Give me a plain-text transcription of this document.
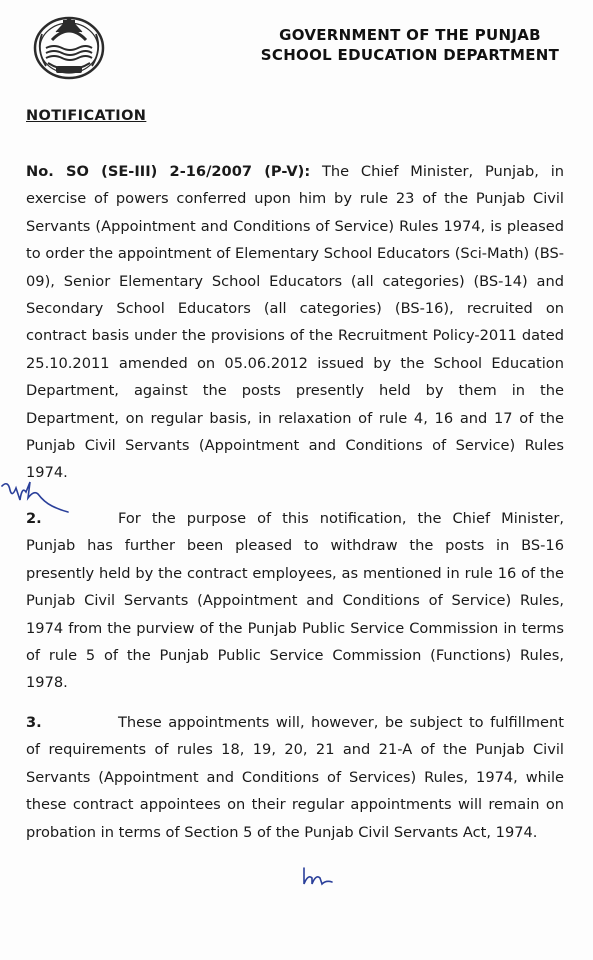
GOVERNMENT OF THE PUNJAB
SCHOOL EDUCATION DEPARTMENT
NOTIFICATION
No. SO (SE-III) 2-16/2007 (P-V): The Chief Minister, Punjab, in exercise of powers conferred upon him by rule 23 of the Punjab Civil Servants (Appointment and Conditions of Service) Rules 1974, is pleased to order the appointment of Elementary School Educators (Sci-Math) (BS-09), Senior Elementary School Educators (all categories) (BS-14) and Secondary School Educators (all categories) (BS-16), recruited on contract basis under the provisions of the Recruitment Policy-2011 dated 25.10.2011 amended on 05.06.2012 issued by the School Education Department, against the posts presently held by them in the Department, on regular basis, in relaxation of rule 4, 16 and 17 of the Punjab Civil Servants (Appointment and Conditions of Service) Rules 1974.
2.	For the purpose of this notification, the Chief Minister, Punjab has further been pleased to withdraw the posts in BS-16 presently held by the contract employees, as mentioned in rule 16 of the Punjab Civil Servants (Appointment and Conditions of Service) Rules, 1974 from the purview of the Punjab Public Service Commission in terms of rule 5 of the Punjab Public Service Commission (Functions) Rules, 1978.
3.	These appointments will, however, be subject to fulfillment of requirements of rules 18, 19, 20, 21 and 21-A of the Punjab Civil Servants (Appointment and Conditions of Services) Rules, 1974, while these contract appointees on their regular appointments will remain on probation in terms of Section 5 of the Punjab Civil Servants Act, 1974.
